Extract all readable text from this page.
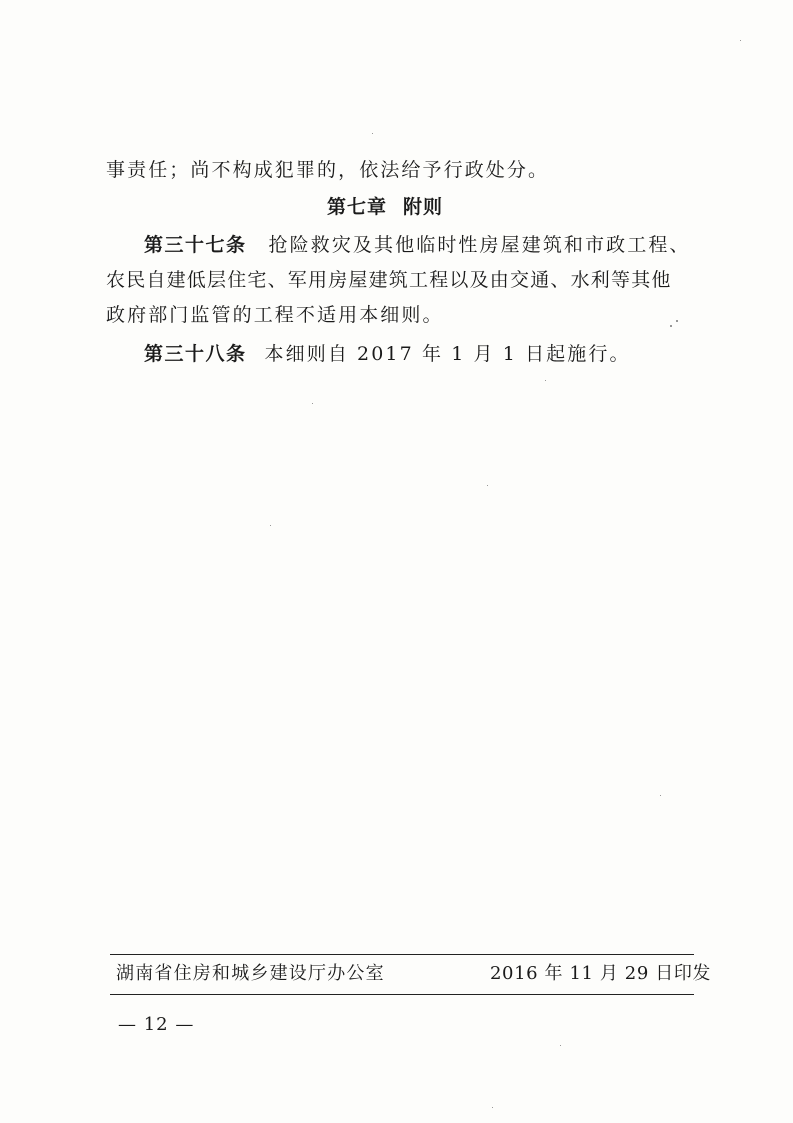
事责任；尚不构成犯罪的，依法给予行政处分。
第七章 附则
第三十七条 抢险救灾及其他临时性房屋建筑和市政工程、
农民自建低层住宅、军用房屋建筑工程以及由交通、水利等其他
政府部门监管的工程不适用本细则。
第三十八条 本细则自 2017 年 1 月 1 日起施行。
湖南省住房和城乡建设厅办公室	2016 年 11 月 29 日印发
— 12 —
